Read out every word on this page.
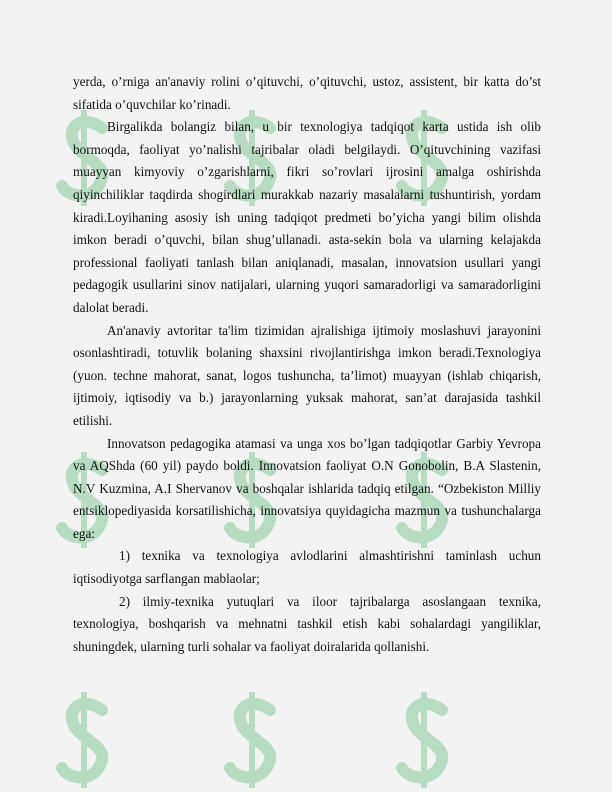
yerda, o’rniga an'anaviy rolini o’qituvchi, o’qituvchi, ustoz, assistent, bir katta do’st sifatida o’quvchilar ko’rinadi.

Birgalikda bolangiz bilan, u bir texnologiya tadqiqot karta ustida ish olib bormoqda, faoliyat yo’nalishi tajribalar oladi belgilaydi. O’qituvchining vazifasi muayyan kimyoviy o’zgarishlarni, fikri so’rovlari ijrosini amalga oshirishda qiyinchiliklar taqdirda shogirdlari murakkab nazariy masalalarni tushuntirish, yordam kiradi.Loyihaning asosiy ish uning tadqiqot predmeti bo’yicha yangi bilim olishda imkon beradi o’quvchi, bilan shug’ullanadi. asta-sekin bola va ularning kelajakda professional faoliyati tanlash bilan aniqlanadi, masalan, innovatsion usullari yangi pedagogik usullarini sinov natijalari, ularning yuqori samaradorligi va samaradorligini dalolat beradi.

An'anaviy avtoritar ta'lim tizimidan ajralishiga ijtimoiy moslashuvi jarayonini osonlashtiradi, totuvlik bolaning shaxsini rivojlantirishga imkon beradi.Texnologiya (yuon. techne mahorat, sanat, logos tushuncha, ta’limot) muayyan (ishlab chiqarish, ijtimoiy, iqtisodiy va b.) jarayonlarning yuksak mahorat, san’at darajasida tashkil etilishi.

Innovatson pedagogika atamasi va unga xos bo’lgan tadqiqotlar Garbiy Yevropa va AQShda (60 yil) paydo boldi. Innovatsion faoliyat O.N Gonobolin, B.A Slastenin, N.V Kuzmina, A.I Shervanov va boshqalar ishlarida tadqiq etilgan. “Ozbekiston Milliy entsiklopediyasida korsatilishicha, innovatsiya quyidagicha mazmun va tushunchalarga ega:

1) texnika va texnologiya avlodlarini almashtirishni taminlash uchun iqtisodiyotga sarflangan mablaolar;

2) ilmiy-texnika yutuqlari va iloor tajribalarga asoslangaan texnika, texnologiya, boshqarish va mehnatni tashkil etish kabi sohalardagi yangiliklar, shuningdek, ularning turli sohalar va faoliyat doiralarida qollanishi.
